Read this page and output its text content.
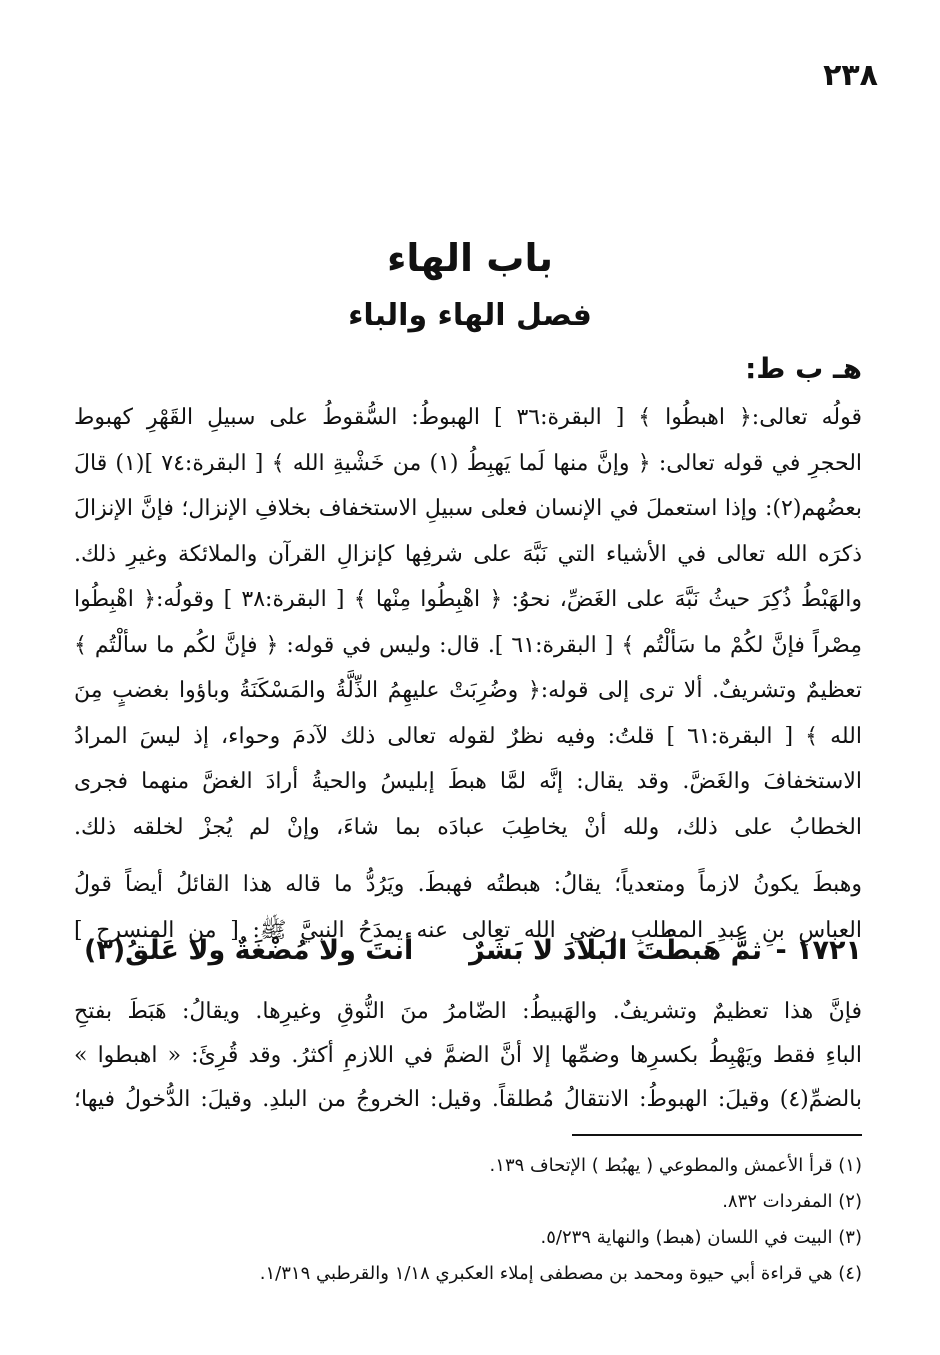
٢٣٨
باب الهاء
فصل الهاء والباء
هـ ب ط:

قولُه تعالى:﴿ اهبطُوا ﴾ [ البقرة:٣٦ ] الهبوطُ: السُّقوطُ على سبيلِ القَهْرِ كهبوط
الحجرِ في قوله تعالى: ﴿ وإنَّ منها لَما يَهبِطُ (١) من خَشْيةِ الله ﴾ [ البقرة:٧٤ ](١) قالَ
بعضُهم(٢): وإذا استعملَ في الإنسان فعلى سبيلِ الاستخفاف بخلافِ الإنزال؛ فإنَّ الإنزالَ
ذكرَه الله تعالى في الأشياء التي نَبَّهَ على شرفِها كإنزالِ القرآن والملائكة وغيرِ ذلك.
والهَبْطُ ذُكِرَ حيثُ نَبَّهَ على الغَضِّ، نحوُ: ﴿ اهْبِطُوا مِنْها ﴾ [ البقرة:٣٨ ] وقولُه:﴿ اهْبِطُوا
مِصْراً فإنَّ لكُمْ ما سَألْتُم ﴾ [ البقرة:٦١ ]. قال: وليس في قوله: ﴿ فإنَّ لكُم ما سألْتُم ﴾
تعظيمٌ وتشريفٌ. ألا ترى إلى قوله:﴿ وضُرِبَتْ عليهِمُ الذِّلَّةُ والمَسْكَنَةُ وباؤوا بغضبٍ مِنَ
الله ﴾ [ البقرة:٦١ ] قلتُ: وفيه نظرٌ لقوله تعالى ذلك لآدمَ وحواء، إذ ليسَ المرادُ
الاستخفافَ والغَضَّ. وقد يقال: إنَّه لمَّا هبطَ إبليسُ والحيةُ أرادَ الغضَّ منهما فجرى
الخطابُ على ذلك، ولله أنْ يخاطِبَ عبادَه بما شاءَ، وإنْ لم يُجزْ لخلقه ذلك.

وهبطَ يكونُ لازماً ومتعدياً؛ يقالُ: هبطتُه فهبطَ. ويَرُدُّ ما قاله هذا القائلُ أيضاً قولُ
العباسِ بنِ عبدِ المطلبِ رضي الله تعالى عنه يمدَحُ النبيَّ ﷺ: [ من المنسرح ]

١٧٢١ -
ثمَّ هَبطْتَ البلادَ لا بَشَرٌ
أنتَ ولا مُضْغَةٌ ولا عَلَقُ(٣)
فإنَّ هذا تعظيمٌ وتشريفٌ. والهَبيطُ: الضّامرُ منَ النُّوقِ وغيرِها. ويقالُ: هَبَطَ بفتحِ
الباءِ فقط ويَهْبِطُ بكسرِها وضمِّها إلا أنَّ الضمَّ في اللازمِ أكثرُ. وقد قُرِئَ: « اهبطوا »
بالضمِّ(٤) وقيلَ: الهبوطُ: الانتقالُ مُطلقاً. وقيل: الخروجُ من البلدِ. وقيلَ: الدُّخولُ فيها؛
(١) قرأ الأعمش والمطوعي ( يهبُط ) الإتحاف ١٣٩.
(٢) المفردات ٨٣٢.
(٣) البيت في اللسان (هبط) والنهاية ٥/٢٣٩.
(٤) هي قراءة أبي حيوة ومحمد بن مصطفى إملاء العكبري ١/١٨ والقرطبي ١/٣١٩.
